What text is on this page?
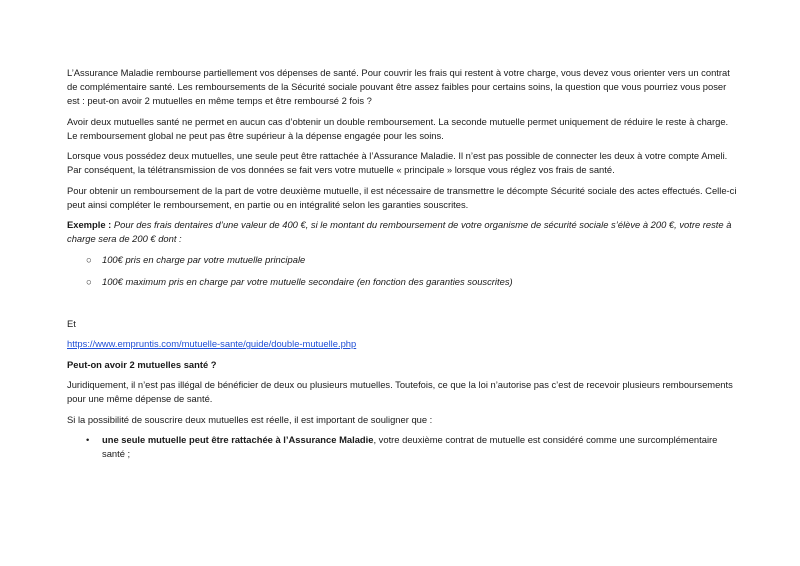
L’Assurance Maladie rembourse partiellement vos dépenses de santé. Pour couvrir les frais qui restent à votre charge, vous devez vous orienter vers un contrat de complémentaire santé. Les remboursements de la Sécurité sociale pouvant être assez faibles pour certains soins, la question que vous pourriez vous poser est : peut-on avoir 2 mutuelles en même temps et être remboursé 2 fois ?

Avoir deux mutuelles santé ne permet en aucun cas d’obtenir un double remboursement. La seconde mutuelle permet uniquement de réduire le reste à charge. Le remboursement global ne peut pas être supérieur à la dépense engagée pour les soins.

Lorsque vous possédez deux mutuelles, une seule peut être rattachée à l’Assurance Maladie. Il n’est pas possible de connecter les deux à votre compte Ameli. Par conséquent, la télétransmission de vos données se fait vers votre mutuelle « principale » lorsque vous réglez vos frais de santé.

Pour obtenir un remboursement de la part de votre deuxième mutuelle, il est nécessaire de transmettre le décompte Sécurité sociale des actes effectués. Celle-ci peut ainsi compléter le remboursement, en partie ou en intégralité selon les garanties souscrites.

Exemple : Pour des frais dentaires d’une valeur de 400 €, si le montant du remboursement de votre organisme de sécurité sociale s’élève à 200 €, votre reste à charge sera de 200 € dont :

○ 100€ pris en charge par votre mutuelle principale
○ 100€ maximum pris en charge par votre mutuelle secondaire (en fonction des garanties souscrites)

Et

https://www.empruntis.com/mutuelle-sante/guide/double-mutuelle.php

Peut-on avoir 2 mutuelles santé ?

Juridiquement, il n’est pas illégal de bénéficier de deux ou plusieurs mutuelles. Toutefois, ce que la loi n’autorise pas c’est de recevoir plusieurs remboursements pour une même dépense de santé.

Si la possibilité de souscrire deux mutuelles est réelle, il est important de souligner que :

• une seule mutuelle peut être rattachée à l’Assurance Maladie, votre deuxième contrat de mutuelle est considéré comme une surcomplémentaire santé ;
